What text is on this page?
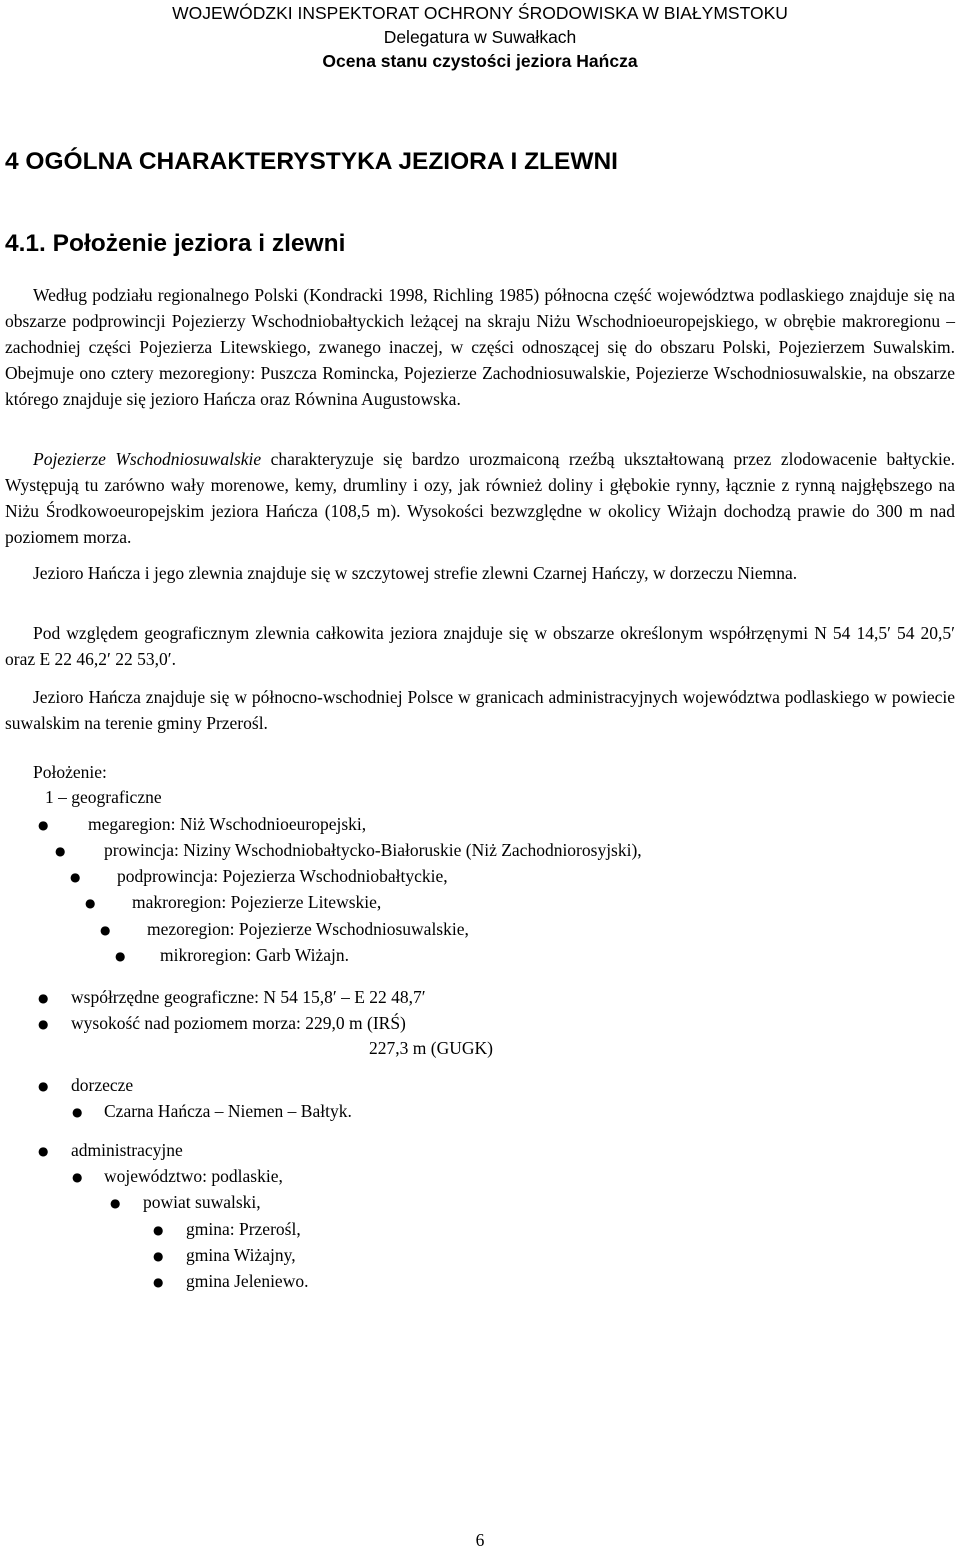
WOJEWÓDZKI INSPEKTORAT OCHRONY ŚRODOWISKA W BIAŁYMSTOKU
Delegatura w Suwałkach
Ocena stanu czystości jeziora Hańcza
4 OGÓLNA CHARAKTERYSTYKA JEZIORA I ZLEWNI
4.1. Położenie jeziora i zlewni
Według podziału regionalnego Polski (Kondracki 1998, Richling 1985) północna część województwa podlaskiego znajduje się na obszarze podprowincji Pojezierzy Wschodniobałtyckich leżącej na skraju Niżu Wschodnioeuropejskiego, w obrębie makroregionu – zachodniej części Pojezierza Litewskiego, zwanego inaczej, w części odnoszącej się do obszaru Polski, Pojezierzem Suwalskim. Obejmuje ono cztery mezoregiony: Puszcza Romincka, Pojezierze Zachodniosuwalskie, Pojezierze Wschodniosuwalskie, na obszarze którego znajduje się jezioro Hańcza oraz Równina Augustowska.
Pojezierze Wschodniosuwalskie charakteryzuje się bardzo urozmaiconą rzeźbą ukształtowaną przez zlodowacenie bałtyckie. Występują tu zarówno wały morenowe, kemy, drumliny i ozy, jak również doliny i głębokie rynny, łącznie z rynną najgłębszego na Niżu Środkowoeuropejskim jeziora Hańcza (108,5 m). Wysokości bezwzględne w okolicy Wiżajn dochodzą prawie do 300 m nad poziomem morza.
Jezioro Hańcza i jego zlewnia znajduje się w szczytowej strefie zlewni Czarnej Hańczy, w dorzeczu Niemna.
Pod względem geograficznym zlewnia całkowita jeziora znajduje się w obszarze określonym współrzęnymi N 54 14,5′ 54 20,5′ oraz E 22 46,2′ 22 53,0′.
Jezioro Hańcza znajduje się w północno-wschodniej Polsce w granicach administracyjnych województwa podlaskiego w powiecie suwalskim na terenie gminy Przerośl.
Położenie:
1 – geograficzne
● megaregion: Niż Wschodnioeuropejski,
● prowincja: Niziny Wschodniobałtycko-Białoruskie (Niż Zachodniorosyjski),
● podprowincja: Pojezierza Wschodniobałtyckie,
● makroregion: Pojezierze Litewskie,
● mezoregion: Pojezierze Wschodniosuwalskie,
● mikroregion: Garb Wiżajn.
● współrzędne geograficzne: N 54 15,8′ – E 22 48,7′
● wysokość nad poziomem morza: 229,0 m (IRŚ)
227,3 m (GUGK)
● dorzecze
● Czarna Hańcza – Niemen – Bałtyk.
● administracyjne
● województwo: podlaskie,
● powiat suwalski,
● gmina: Przerośl,
● gmina Wiżajny,
● gmina Jeleniewo.
6
